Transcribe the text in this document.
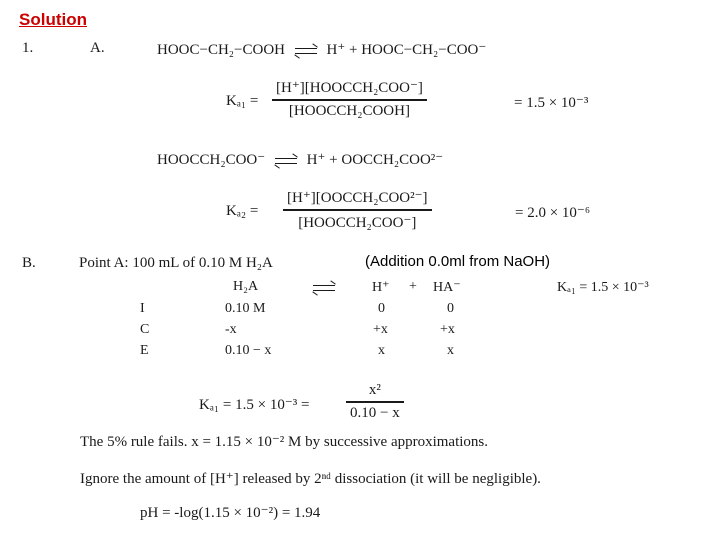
Solution
1.	A.	HOOC−CH₂−COOH	H⁺ + HOOC−CH₂−COO⁻
Kₐ₁ =
[H⁺][HOOCCH₂COO⁻]
[HOOCCH₂COOH]	= 1.5 × 10⁻³
HOOCCH₂COO⁻	H⁺ + OOCCH₂COO²⁻
Kₐ₂ =
[H⁺][OOCCH₂COO²⁻]
[HOOCCH₂COO⁻]
= 2.0 × 10⁻⁶
B.	Point A: 100 mL of 0.10 M H₂A	(Addition 0.0ml from NaOH)
H₂A	H⁺ + HA⁻	Kₐ₁ = 1.5 × 10⁻³
I	0.10 M	0	0
C	-x	+x	+x
E	0.10 − x	x	x
Kₐ₁ = 1.5 × 10⁻³ =
x²
0.10 − x
The 5% rule fails. x = 1.15 × 10⁻² M by successive approximations.
Ignore the amount of [H⁺] released by 2ⁿᵈ dissociation (it will be negligible).
pH = -log(1.15 × 10⁻²) = 1.94
